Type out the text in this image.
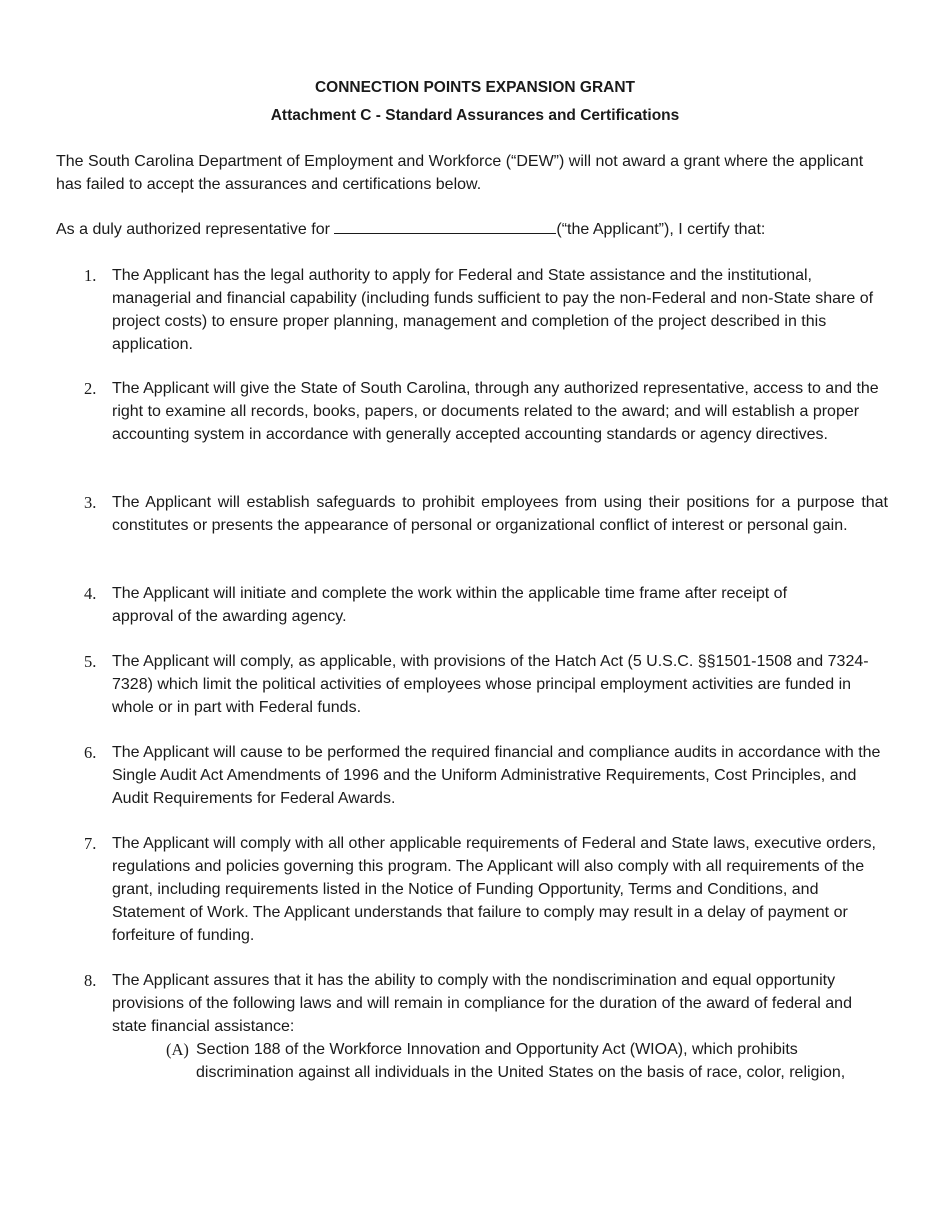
CONNECTION POINTS EXPANSION GRANT
Attachment C - Standard Assurances and Certifications
The South Carolina Department of Employment and Workforce (“DEW”) will not award a grant where the applicant has failed to accept the assurances and certifications below.
As a duly authorized representative for	(“the Applicant”), I certify that:
1. The Applicant has the legal authority to apply for Federal and State assistance and the institutional, managerial and financial capability (including funds sufficient to pay the non-Federal and non-State share of project costs) to ensure proper planning, management and completion of the project described in this application.
2. The Applicant will give the State of South Carolina, through any authorized representative, access to and the right to examine all records, books, papers, or documents related to the award; and will establish a proper accounting system in accordance with generally accepted accounting standards or agency directives.
3. The Applicant will establish safeguards to prohibit employees from using their positions for a purpose that constitutes or presents the appearance of personal or organizational conflict of interest or personal gain.
4. The Applicant will initiate and complete the work within the applicable time frame after receipt of approval of the awarding agency.
5. The Applicant will comply, as applicable, with provisions of the Hatch Act (5 U.S.C. §§1501-1508 and 7324-7328) which limit the political activities of employees whose principal employment activities are funded in whole or in part with Federal funds.
6. The Applicant will cause to be performed the required financial and compliance audits in accordance with the Single Audit Act Amendments of 1996 and the Uniform Administrative Requirements, Cost Principles, and Audit Requirements for Federal Awards.
7. The Applicant will comply with all other applicable requirements of Federal and State laws, executive orders, regulations and policies governing this program. The Applicant will also comply with all requirements of the grant, including requirements listed in the Notice of Funding Opportunity, Terms and Conditions, and Statement of Work. The Applicant understands that failure to comply may result in a delay of payment or forfeiture of funding.
8. The Applicant assures that it has the ability to comply with the nondiscrimination and equal opportunity provisions of the following laws and will remain in compliance for the duration of the award of federal and state financial assistance:
(A) Section 188 of the Workforce Innovation and Opportunity Act (WIOA), which prohibits discrimination against all individuals in the United States on the basis of race, color, religion,
